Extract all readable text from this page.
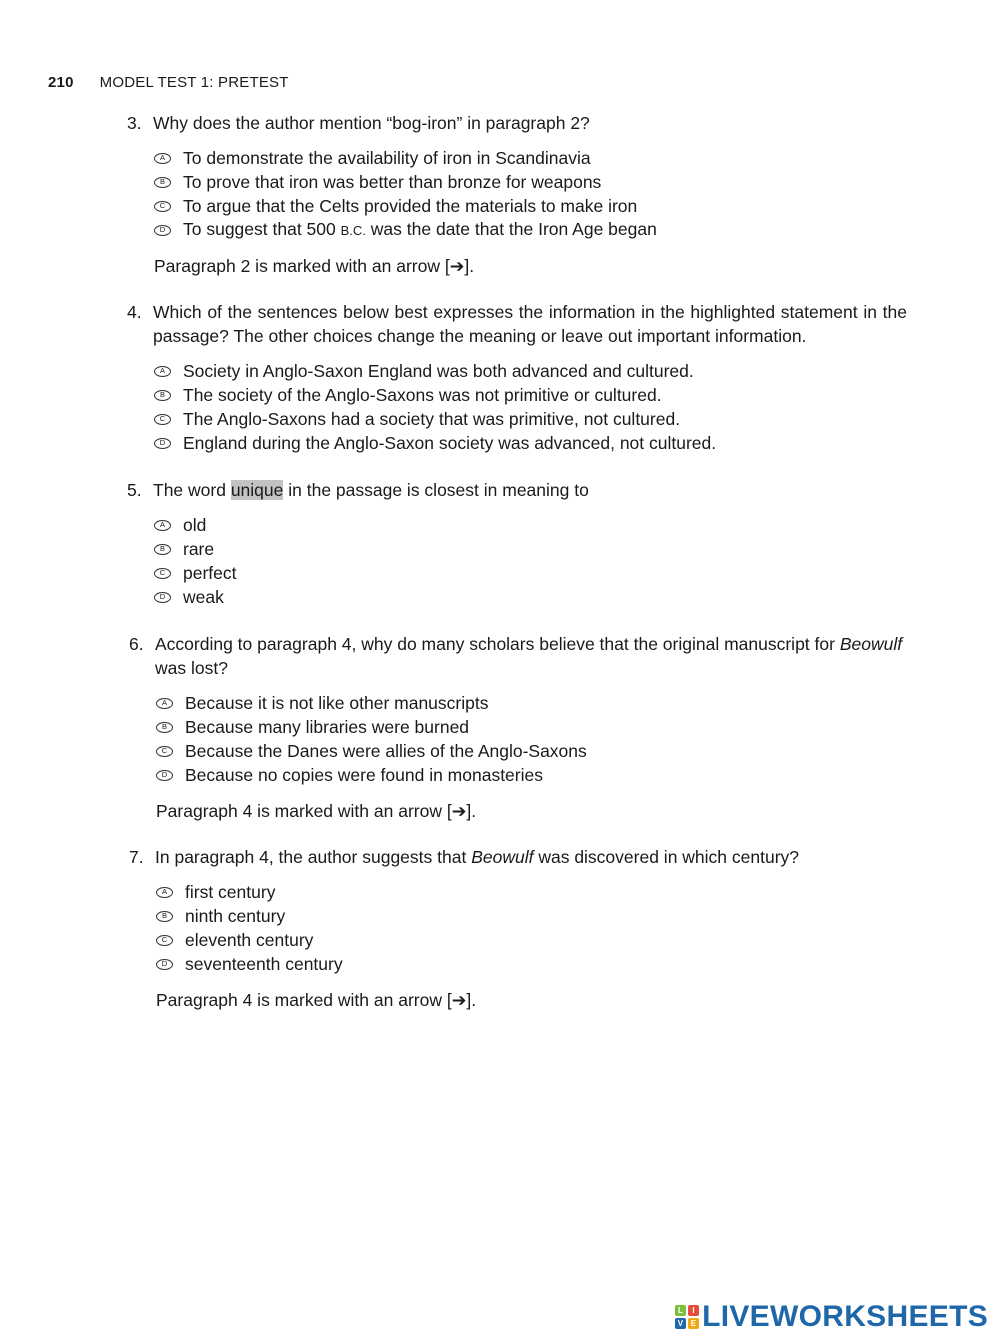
210 MODEL TEST 1: PRETEST
3. Why does the author mention “bog-iron” in paragraph 2?
A	To demonstrate the availability of iron in Scandinavia
B	To prove that iron was better than bronze for weapons
C	To argue that the Celts provided the materials to make iron
D	To suggest that 500 B.C. was the date that the Iron Age began
Paragraph 2 is marked with an arrow [➔].
4. Which of the sentences below best expresses the information in the highlighted statement in the passage? The other choices change the meaning or leave out important information.
A	Society in Anglo-Saxon England was both advanced and cultured.
B	The society of the Anglo-Saxons was not primitive or cultured.
C	The Anglo-Saxons had a society that was primitive, not cultured.
D	England during the Anglo-Saxon society was advanced, not cultured.
5. The word unique in the passage is closest in meaning to
A	old
B	rare
C	perfect
D	weak
6. According to paragraph 4, why do many scholars believe that the original manuscript for Beowulf was lost?
A	Because it is not like other manuscripts
B	Because many libraries were burned
C	Because the Danes were allies of the Anglo-Saxons
D	Because no copies were found in monasteries
Paragraph 4 is marked with an arrow [➔].
7. In paragraph 4, the author suggests that Beowulf was discovered in which century?
A	first century
B	ninth century
C	eleventh century
D	seventeenth century
Paragraph 4 is marked with an arrow [➔].
L	I
V E LIVEWORKSHEETS
